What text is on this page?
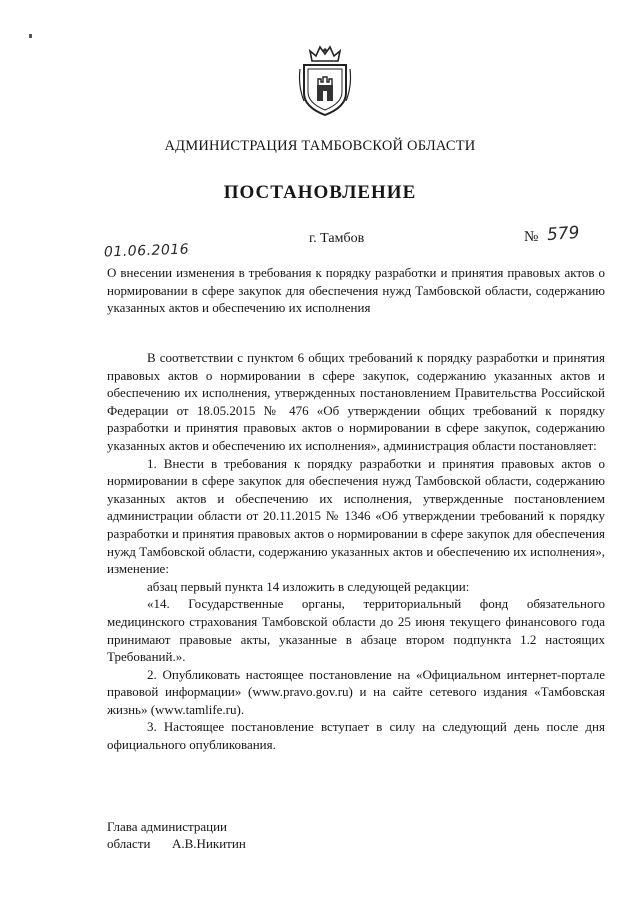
АДМИНИСТРАЦИЯ ТАМБОВСКОЙ ОБЛАСТИ
ПОСТАНОВЛЕНИЕ
01.06.2016
г. Тамбов	№ 579
О внесении изменения в требования к порядку разработки и принятия правовых актов о нормировании в сфере закупок для обеспечения нужд Тамбовской области, содержанию указанных актов и обеспечению их исполнения

В соответствии с пунктом 6 общих требований к порядку разработки и принятия правовых актов о нормировании в сфере закупок, содержанию указанных актов и обеспечению их исполнения, утвержденных постановлением Правительства Российской Федерации от 18.05.2015 № 476 «Об утверждении общих требований к порядку разработки и принятия правовых актов о нормировании в сфере закупок, содержанию указанных актов и обеспечению их исполнения», администрация области постановляет:

1. Внести в требования к порядку разработки и принятия правовых актов о нормировании в сфере закупок для обеспечения нужд Тамбовской области, содержанию указанных актов и обеспечению их исполнения, утвержденные постановлением администрации области от 20.11.2015 № 1346 «Об утверждении требований к порядку разработки и принятия правовых актов о нормировании в сфере закупок для обеспечения нужд Тамбовской области, содержанию указанных актов и обеспечению их исполнения», изменение:

абзац первый пункта 14 изложить в следующей редакции:

«14. Государственные органы, территориальный фонд обязательного медицинского страхования Тамбовской области до 25 июня текущего финансового года принимают правовые акты, указанные в абзаце втором подпункта 1.2 настоящих Требований.».

2. Опубликовать настоящее постановление на «Официальном интернет-портале правовой информации» (www.pravo.gov.ru) и на сайте сетевого издания «Тамбовская жизнь» (www.tamlife.ru).

3. Настоящее постановление вступает в силу на следующий день после дня официального опубликования.

Глава администрации
области А.В.Никитин
